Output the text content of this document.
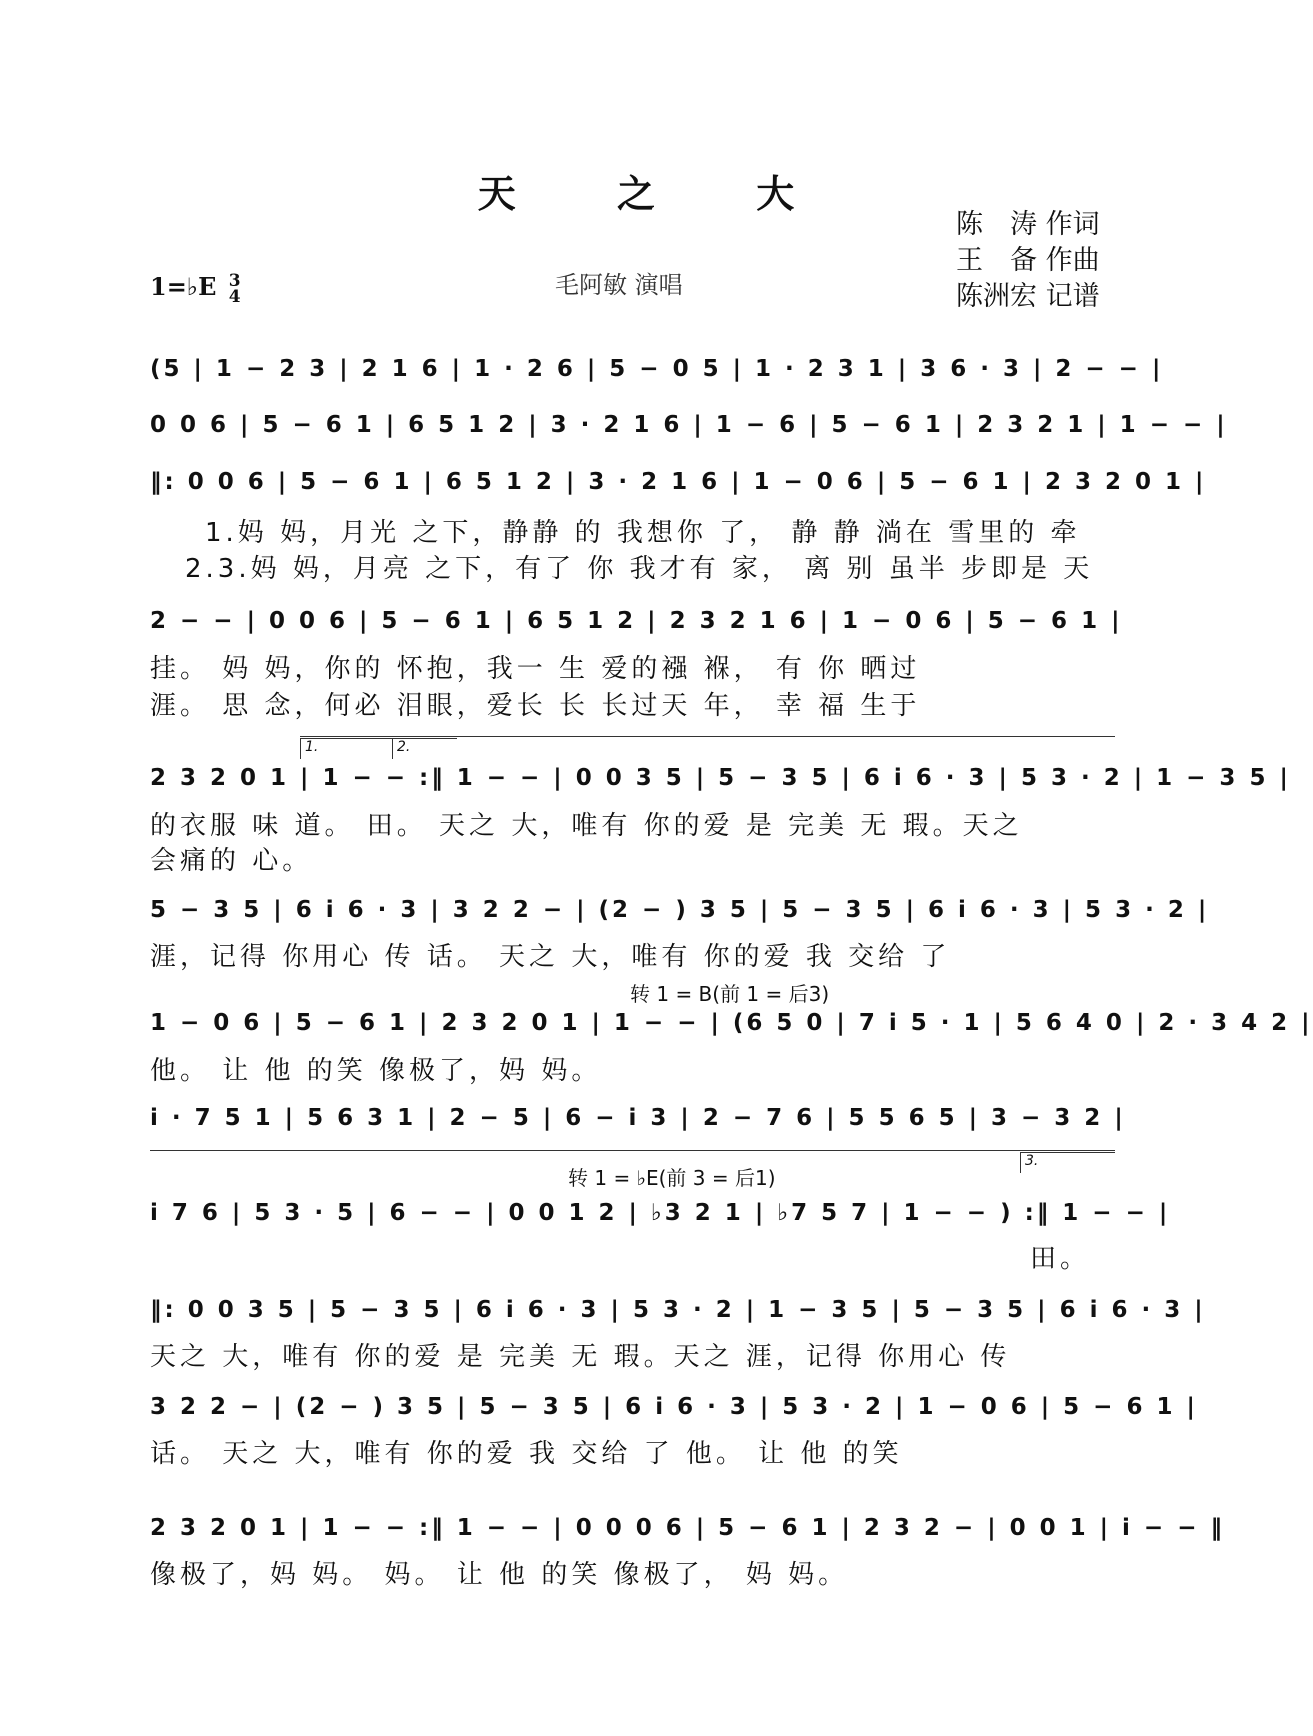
天 之 大
陈　涛 作词
王　备 作曲
陈洲宏 记谱
1=♭E 3
4	毛阿敏 演唱
(5 | 1 − 2 3 | 2 1 6 | 1 · 2 6 | 5 − 0 5 | 1 · 2 3 1 | 3 6 · 3 | 2 − − |
0 0 6 | 5 − 6 1 | 6 5 1 2 | 3 · 2 1 6 | 1 − 6 | 5 − 6 1 | 2 3 2 1 | 1 − − |
‖: 0 0 6 | 5 − 6 1 | 6 5 1 2 | 3 · 2 1 6 | 1 − 0 6 | 5 − 6 1 | 2 3 2 0 1 |
1.妈 妈，月光 之下，静静 的 我想你 了， 静 静 淌在 雪里的 牵
2.3.妈 妈，月亮 之下，有了 你 我才有 家， 离 别 虽半 步即是 天
2 − − | 0 0 6 | 5 − 6 1 | 6 5 1 2 | 2 3 2 1 6 | 1 − 0 6 | 5 − 6 1 |
挂。 妈 妈，你的 怀抱，我一 生 爱的襁 褓， 有 你 晒过
涯。 思 念，何必 泪眼，爱长 长 长过天 年， 幸 福 生于
1.	2.
2 3 2 0 1 | 1 − − :‖ 1 − − | 0 0 3 5 | 5 − 3 5 | 6 i 6 · 3 | 5 3 · 2 | 1 − 3 5 |
的衣服 味 道。 田。 天之 大，唯有 你的爱 是 完美 无 瑕。天之
会痛的 心。
5 − 3 5 | 6 i 6 · 3 | 3 2 2 − | (2 − ) 3 5 | 5 − 3 5 | 6 i 6 · 3 | 5 3 · 2 |
涯，记得 你用心 传 话。 天之 大，唯有 你的爱 我 交给 了
转 1 = B(前 1 = 后3)
1 − 0 6 | 5 − 6 1 | 2 3 2 0 1 | 1 − − | (6 5 0 | 7 i 5 · 1 | 5 6 4 0 | 2 · 3 4 2 |
他。 让 他 的笑 像极了，妈 妈。
i · 7 5 1 | 5 6 3 1 | 2 − 5 | 6 − i 3 | 2 − 7 6 | 5 5 6 5 | 3 − 3 2 |
转 1 = ♭E(前 3 = 后1)
3.
i 7 6 | 5 3 · 5 | 6 − − | 0 0 1 2 | ♭3 2 1 | ♭7 5 7 | 1 − − ) :‖ 1 − − |
田。
‖: 0 0 3 5 | 5 − 3 5 | 6 i 6 · 3 | 5 3 · 2 | 1 − 3 5 | 5 − 3 5 | 6 i 6 · 3 |
天之 大，唯有 你的爱 是 完美 无 瑕。天之 涯，记得 你用心 传
3 2 2 − | (2 − ) 3 5 | 5 − 3 5 | 6 i 6 · 3 | 5 3 · 2 | 1 − 0 6 | 5 − 6 1 |
话。 天之 大，唯有 你的爱 我 交给 了 他。 让 他 的笑
2 3 2 0 1 | 1 − − :‖ 1 − − | 0 0 0 6 | 5 − 6 1 | 2 3 2 − | 0 0 1 | i − − ‖
像极了，妈 妈。 妈。 让 他 的笑 像极了， 妈 妈。
